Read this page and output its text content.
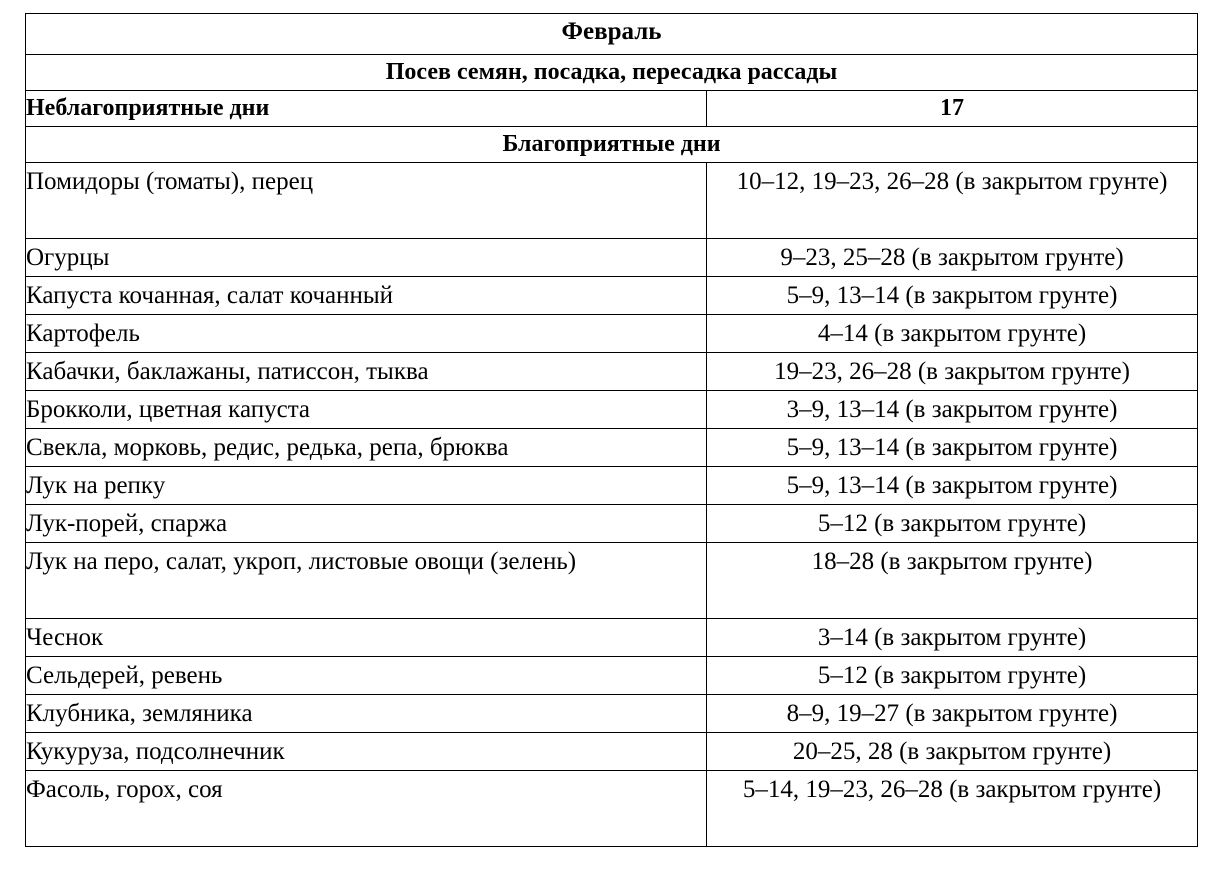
Февраль	
Посев семян, посадка, пересадка рассады	
Неблагоприятные дни	17
Благоприятные дни	
Помидоры (томаты), перец	10–12, 19–23, 26–28 (в закрытом грунте)
Огурцы	9–23, 25–28 (в закрытом грунте)
Капуста кочанная, салат кочанный	5–9, 13–14 (в закрытом грунте)
Картофель	4–14 (в закрытом грунте)
Кабачки, баклажаны, патиссон, тыква	19–23, 26–28 (в закрытом грунте)
Брокколи, цветная капуста	3–9, 13–14 (в закрытом грунте)
Свекла, морковь, редис, редька, репа, брюква	5–9, 13–14 (в закрытом грунте)
Лук на репку	5–9, 13–14 (в закрытом грунте)
Лук-порей, спаржа	5–12 (в закрытом грунте)
Лук на перо, салат, укроп, листовые овощи (зелень)	18–28 (в закрытом грунте)
Чеснок	3–14 (в закрытом грунте)
Сельдерей, ревень	5–12 (в закрытом грунте)
Клубника, земляника	8–9, 19–27 (в закрытом грунте)
Кукуруза, подсолнечник	20–25, 28 (в закрытом грунте)
Фасоль, горох, соя	5–14, 19–23, 26–28 (в закрытом грунте)
